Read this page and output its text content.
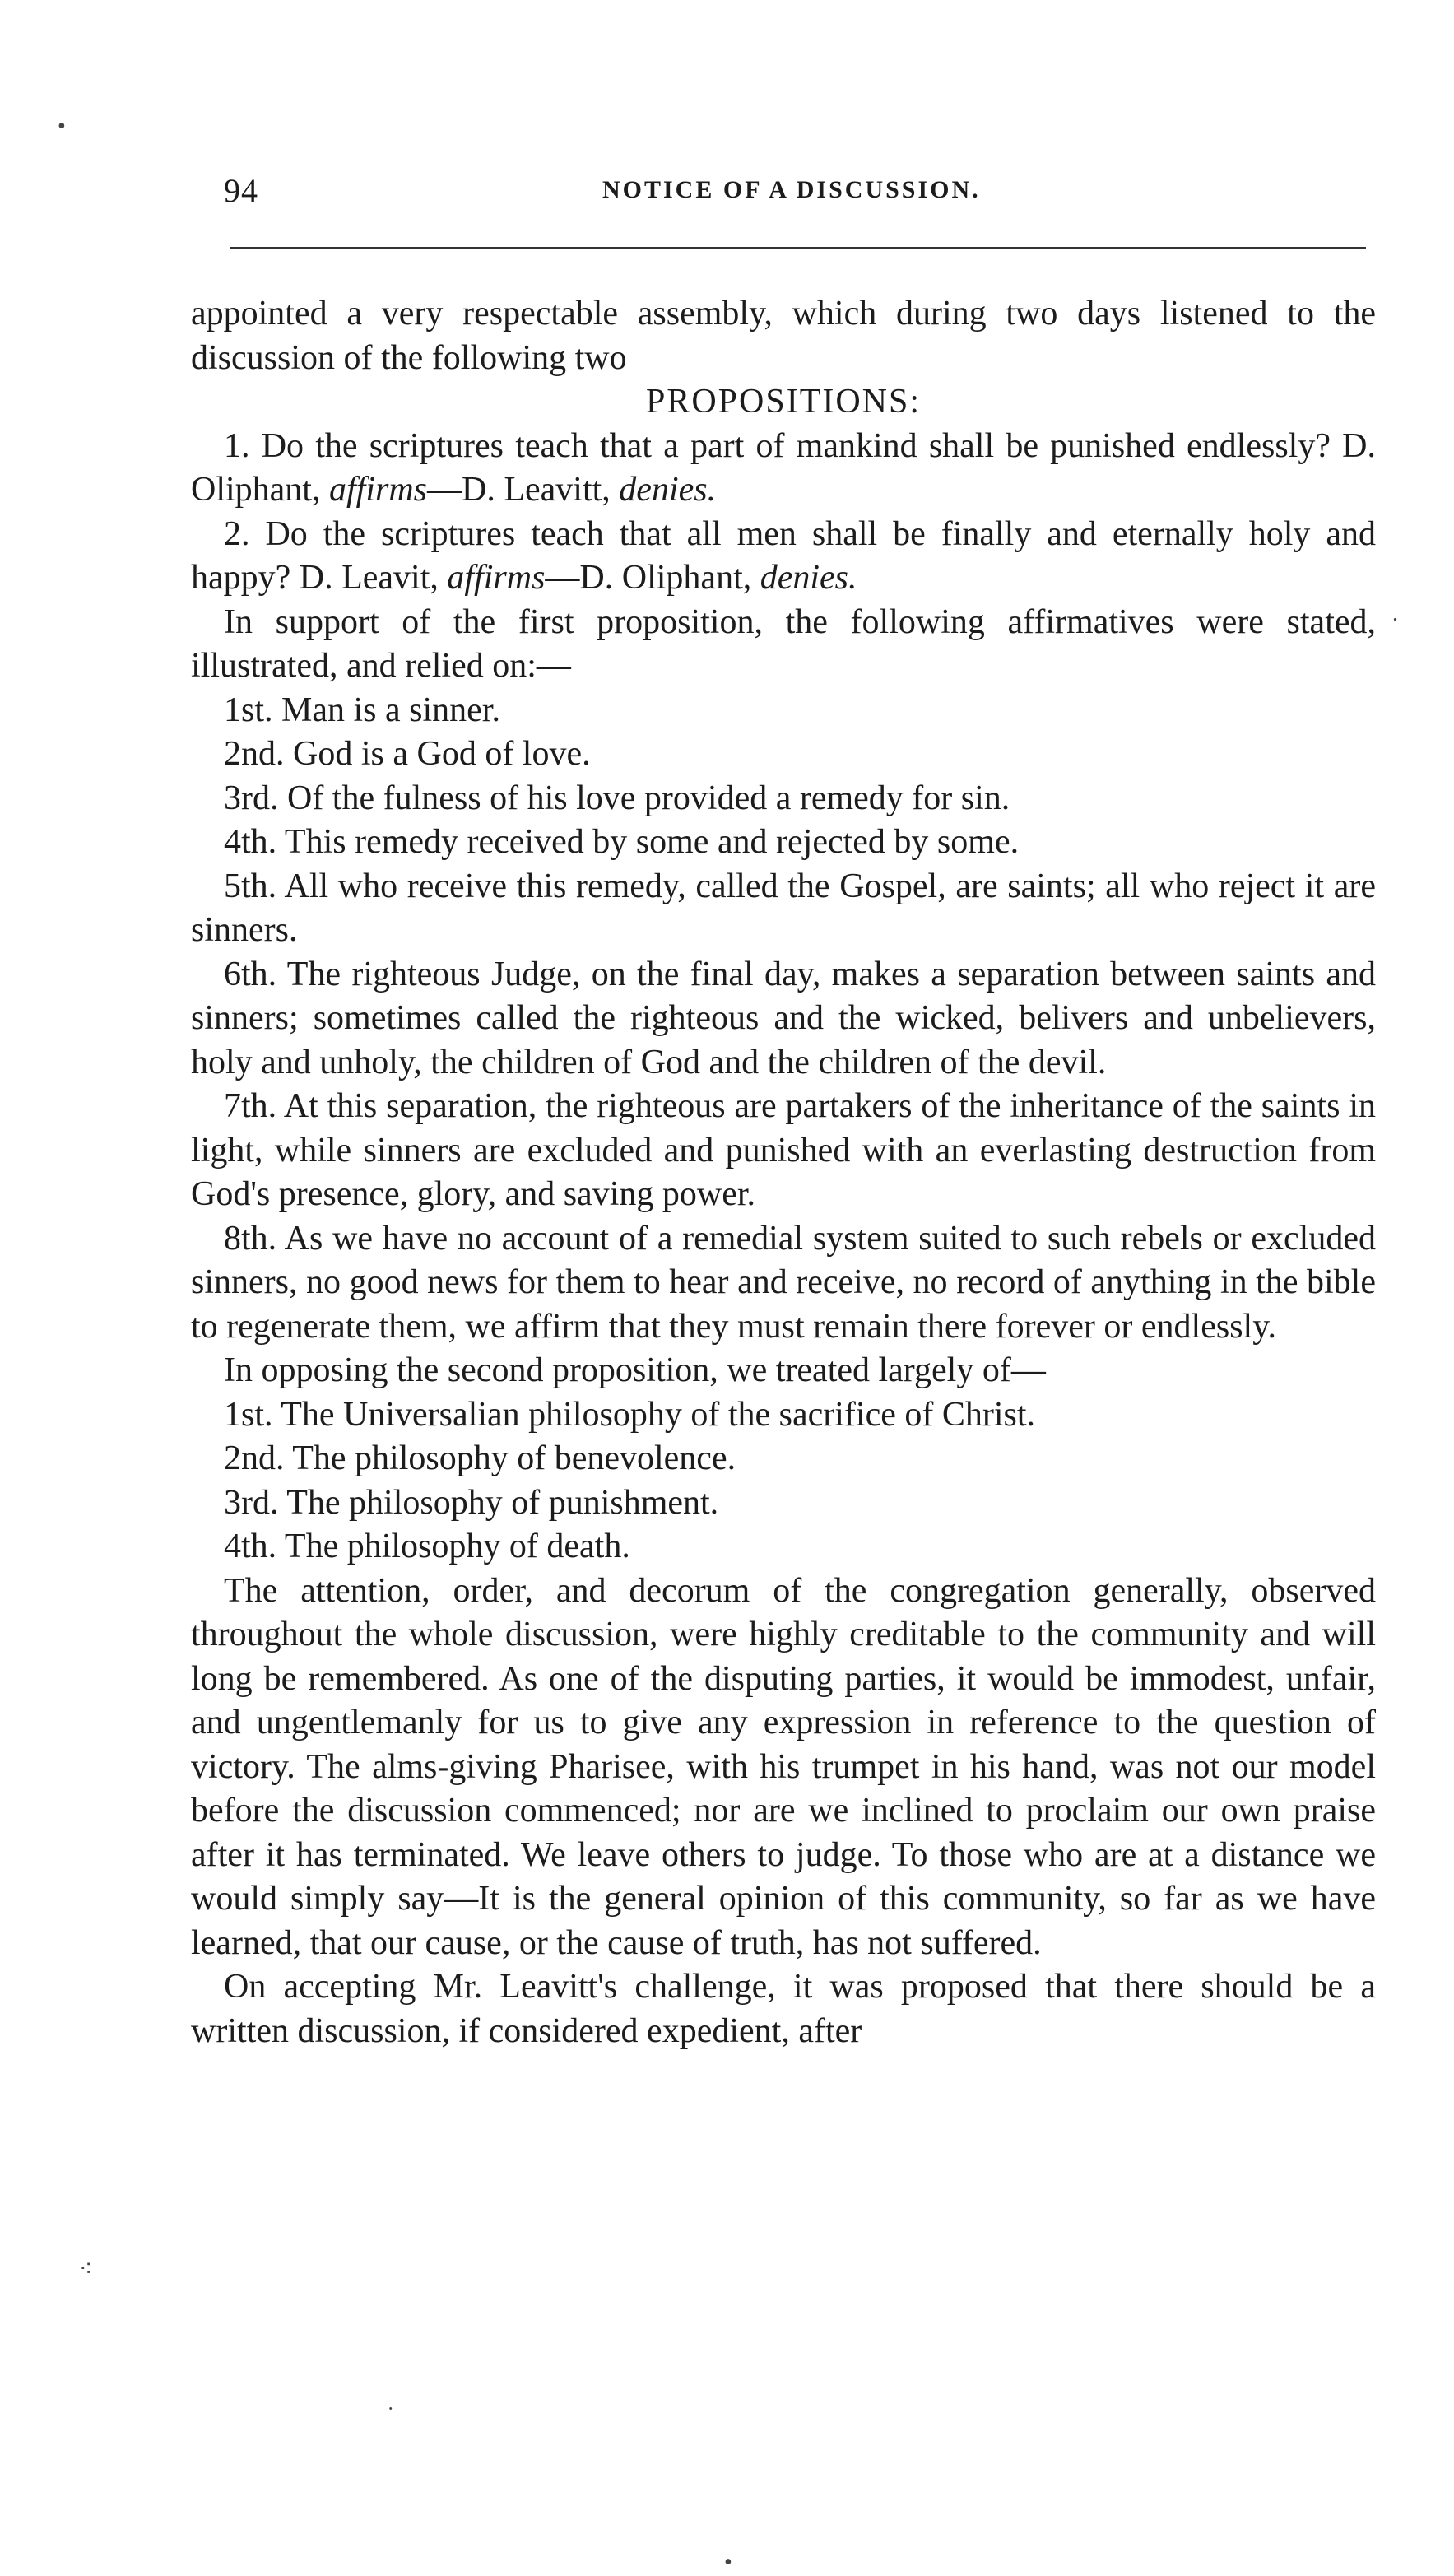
94	NOTICE OF A DISCUSSION.

appointed a very respectable assembly, which during two days listened to the discussion of the following two

PROPOSITIONS:

1. Do the scriptures teach that a part of mankind shall be punished endlessly? D. Oliphant, affirms—D. Leavitt, denies.

2. Do the scriptures teach that all men shall be finally and eternally holy and happy? D. Leavit, affirms—D. Oliphant, denies.

In support of the first proposition, the following affirmatives were stated, illustrated, and relied on:—

1st. Man is a sinner.

2nd. God is a God of love.

3rd. Of the fulness of his love provided a remedy for sin.

4th. This remedy received by some and rejected by some.

5th. All who receive this remedy, called the Gospel, are saints; all who reject it are sinners.

6th. The righteous Judge, on the final day, makes a separation between saints and sinners; sometimes called the righteous and the wicked, belivers and unbelievers, holy and unholy, the children of God and the children of the devil.

7th. At this separation, the righteous are partakers of the inheritance of the saints in light, while sinners are excluded and punished with an everlasting destruction from God's presence, glory, and saving power.

8th. As we have no account of a remedial system suited to such rebels or excluded sinners, no good news for them to hear and receive, no record of anything in the bible to regenerate them, we affirm that they must remain there forever or endlessly.

In opposing the second proposition, we treated largely of—

1st. The Universalian philosophy of the sacrifice of Christ.

2nd. The philosophy of benevolence.

3rd. The philosophy of punishment.

4th. The philosophy of death.

The attention, order, and decorum of the congregation generally, observed throughout the whole discussion, were highly creditable to the community and will long be remembered. As one of the disputing parties, it would be immodest, unfair, and ungentlemanly for us to give any expression in reference to the question of victory. The alms-giving Pharisee, with his trumpet in his hand, was not our model before the discussion commenced; nor are we inclined to proclaim our own praise after it has terminated. We leave others to judge. To those who are at a distance we would simply say—It is the general opinion of this community, so far as we have learned, that our cause, or the cause of truth, has not suffered.

On accepting Mr. Leavitt's challenge, it was proposed that there should be a written discussion, if considered expedient, after

•
.
⁖
˙
•
